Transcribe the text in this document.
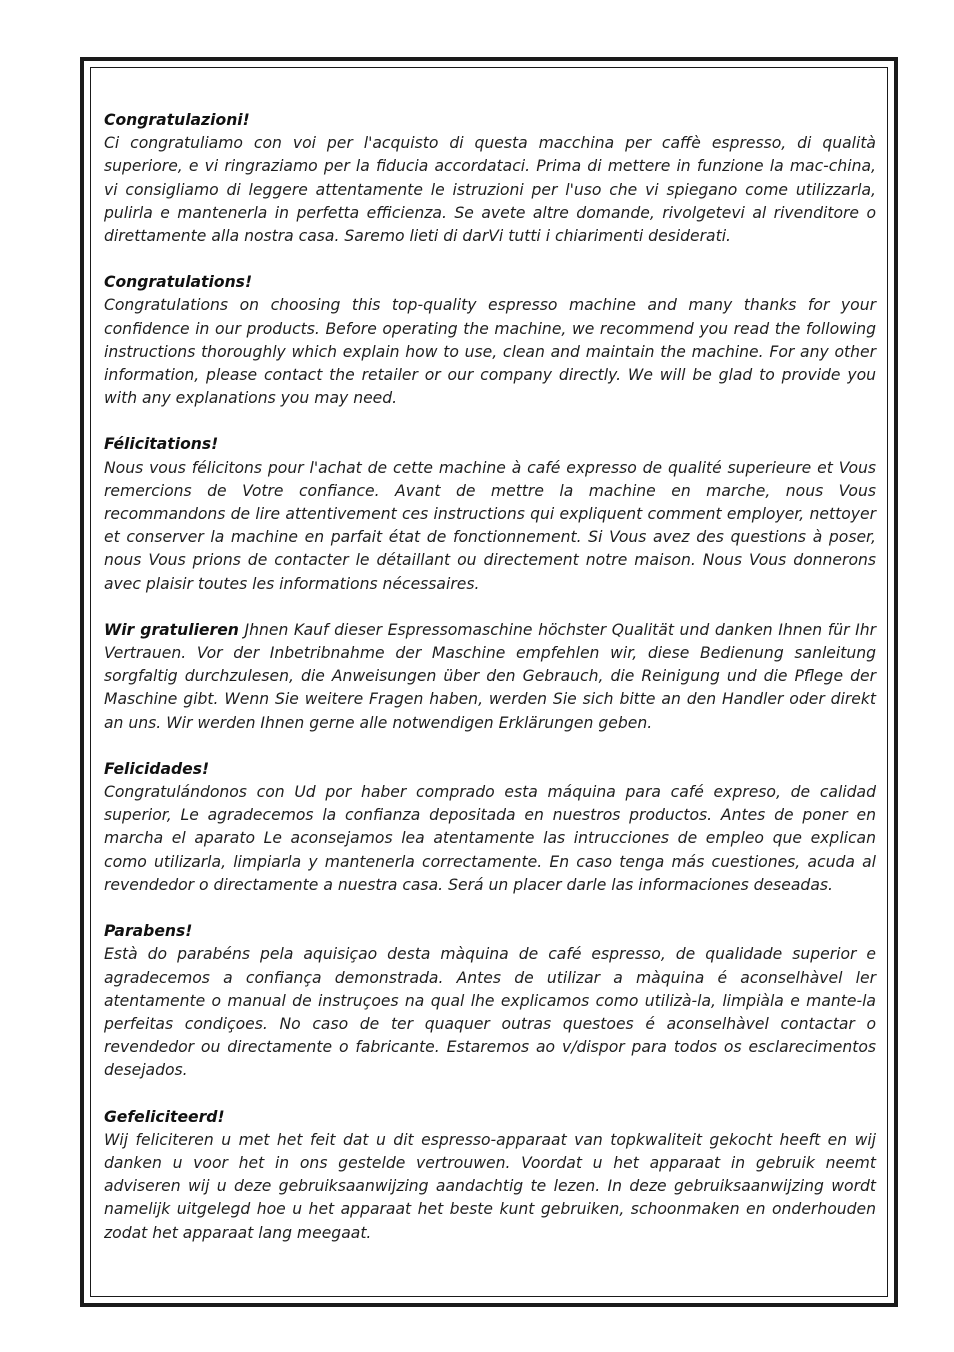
Congratulazioni!
Ci congratuliamo con voi per l'acquisto di questa macchina per caffè espresso, di qualità superiore, e vi ringraziamo per la fiducia accordataci. Prima di mettere in funzione la mac-china, vi consigliamo di leggere attentamente le istruzioni per l'uso che vi spiegano come utilizzarla, pulirla e mantenerla in perfetta efficienza. Se avete altre domande, rivolgetevi al rivenditore o direttamente alla nostra casa. Saremo lieti di darVi tutti i chiarimenti desiderati.
Congratulations!
Congratulations on choosing this top-quality espresso machine and many thanks for your confidence in our products. Before operating the machine, we recommend you read the following instructions thoroughly which explain how to use, clean and maintain the machine. For any other information, please contact the retailer or our company directly. We will be glad to provide you with any explanations you may need.
Félicitations!
Nous vous félicitons pour l'achat de cette machine à café expresso de qualité superieure et Vous remercions de Votre confiance. Avant de mettre la machine en marche, nous Vous recommandons de lire attentivement ces instructions qui expliquent comment employer, nettoyer et conserver la machine en parfait état de fonctionnement. Si Vous avez des questions à poser, nous Vous prions de contacter le détaillant ou directement notre maison. Nous Vous donnerons avec plaisir toutes les informations nécessaires.
Wir gratulieren Jhnen Kauf dieser Espressomaschine höchster Qualität und danken Ihnen für Ihr Vertrauen. Vor der Inbetribnahme der Maschine empfehlen wir, diese Bedienung sanleitung sorgfaltig durchzulesen, die Anweisungen über den Gebrauch, die Reinigung und die Pflege der Maschine gibt. Wenn Sie weitere Fragen haben, werden Sie sich bitte an den Handler oder direkt an uns. Wir werden Ihnen gerne alle notwendigen Erklärungen geben.
Felicidades!
Congratulándonos con Ud por haber comprado esta máquina para café expreso, de calidad superior, Le agradecemos la confianza depositada en nuestros productos. Antes de poner en marcha el aparato Le aconsejamos lea atentamente las intrucciones de empleo que explican como utilizarla, limpiarla y mantenerla correctamente. En caso tenga más cuestiones, acuda al revendedor o directamente a nuestra casa. Será un placer darle las informaciones deseadas.
Parabens!
Està do parabéns pela aquisiçao desta màquina de café espresso, de qualidade superior e agradecemos a confiança demonstrada. Antes de utilizar a màquina é aconselhàvel ler atentamente o manual de instruçoes na qual lhe explicamos como utilizà-la, limpiàla e mante-la perfeitas condiçoes. No caso de ter quaquer outras questoes é aconselhàvel contactar o revendedor ou directamente o fabricante. Estaremos ao v/dispor para todos os esclarecimentos desejados.
Gefeliciteerd!
Wij feliciteren u met het feit dat u dit espresso-apparaat van topkwaliteit gekocht heeft en wij danken u voor het in ons gestelde vertrouwen. Voordat u het apparaat in gebruik neemt adviseren wij u deze gebruiksaanwijzing aandachtig te lezen. In deze gebruiksaanwijzing wordt namelijk uitgelegd hoe u het apparaat het beste kunt gebruiken, schoonmaken en onderhouden zodat het apparaat lang meegaat.
